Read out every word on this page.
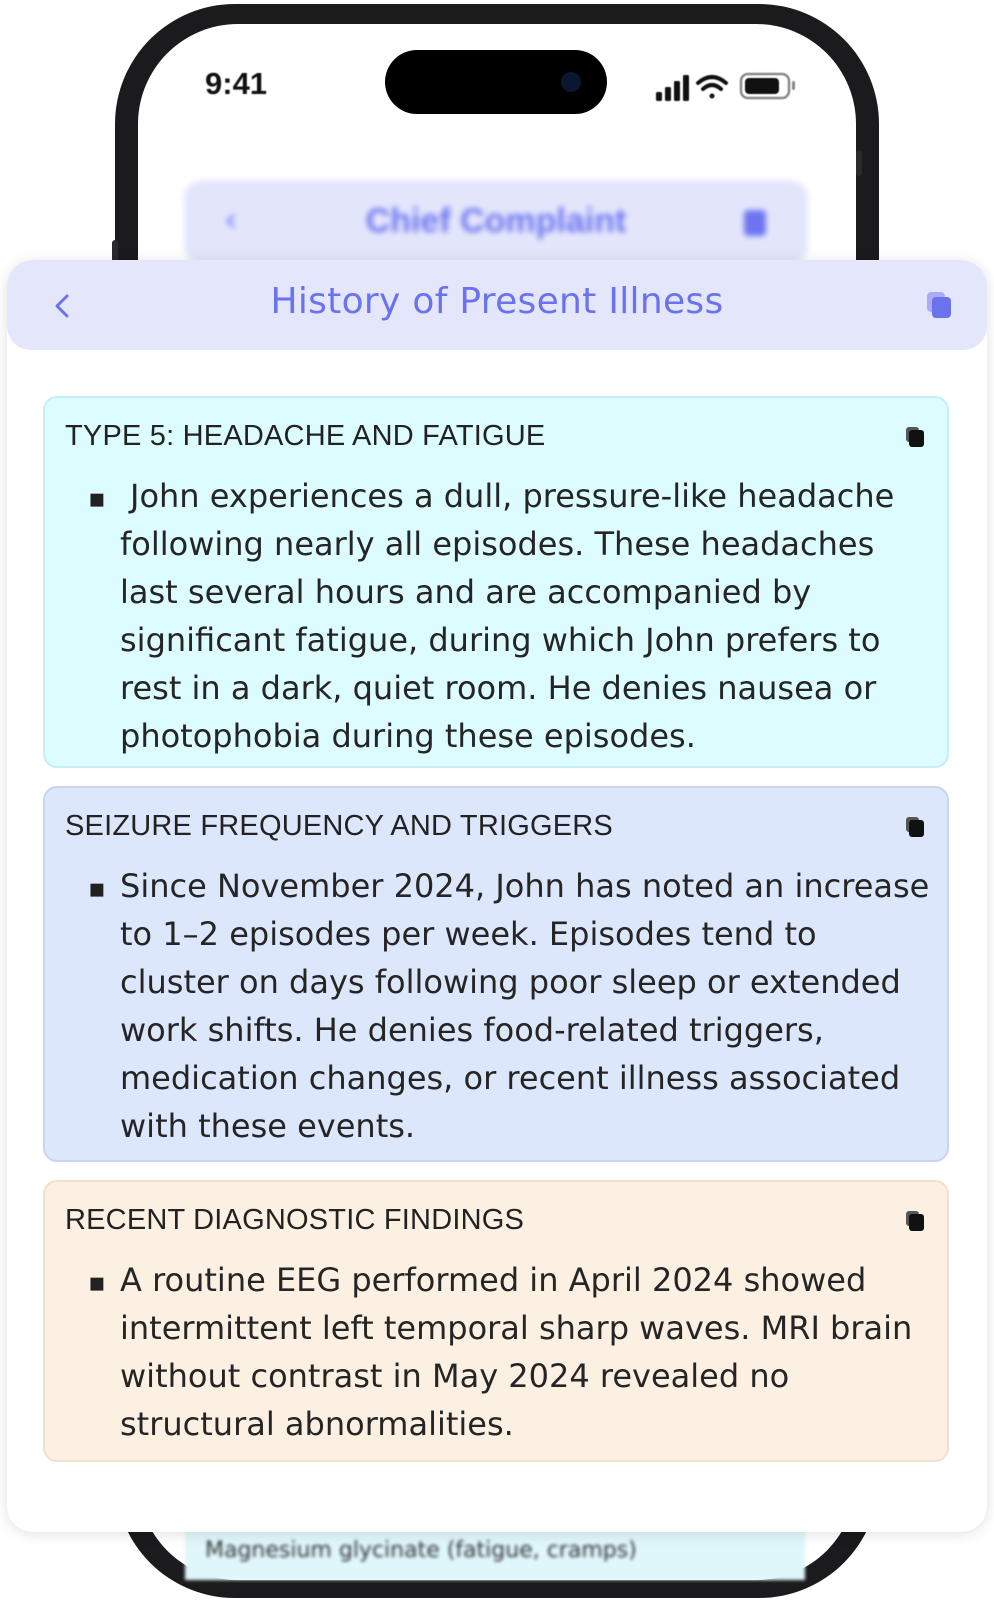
9:41
‹	Chief Complaint
Magnesium glycinate (fatigue, cramps)
History of Present Illness
TYPE 5: HEADACHE AND FATIGUE
▪ John experiences a dull, pressure-like headache following nearly all episodes. These headaches last several hours and are accompanied by significant fatigue, during which John prefers to rest in a dark, quiet room. He denies nausea or photophobia during these episodes.
SEIZURE FREQUENCY AND TRIGGERS
▪ Since November 2024, John has noted an increase to 1–2 episodes per week. Episodes tend to cluster on days following poor sleep or extended work shifts. He denies food-related triggers, medication changes, or recent illness associated with these events.
RECENT DIAGNOSTIC FINDINGS
▪ A routine EEG performed in April 2024 showed intermittent left temporal sharp waves. MRI brain without contrast in May 2024 revealed no structural abnormalities.
